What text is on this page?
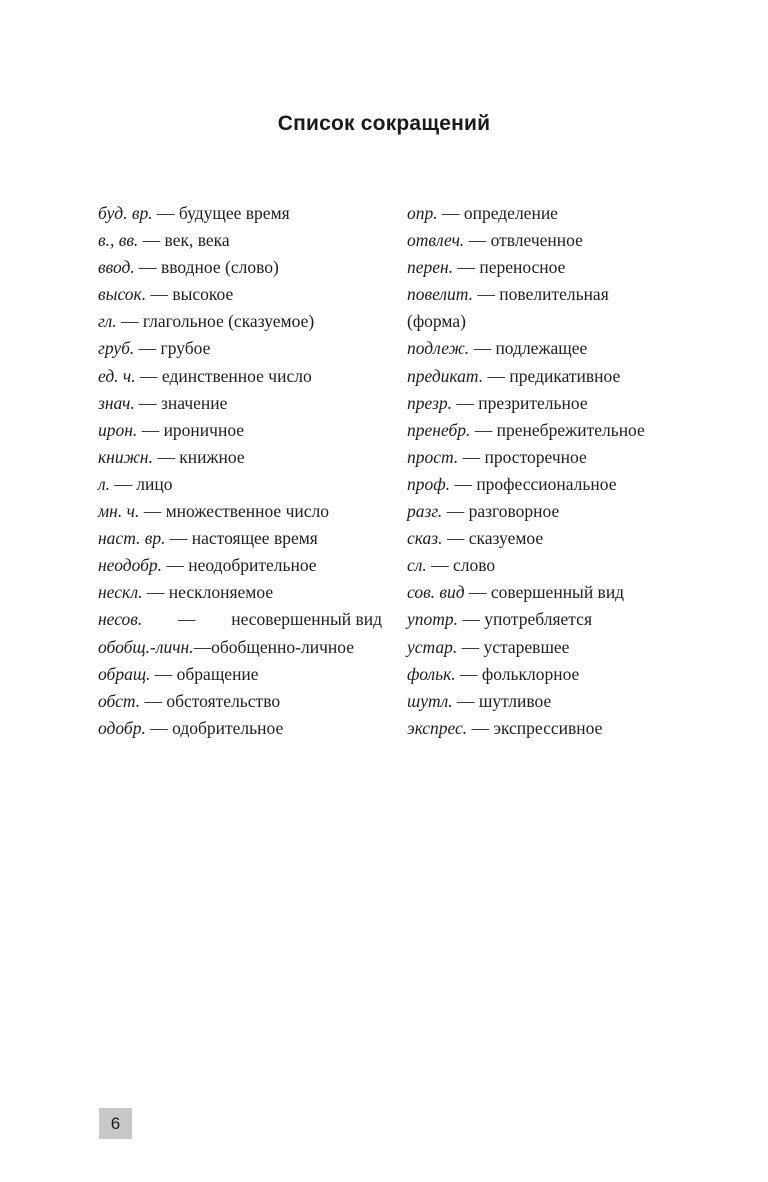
Список сокращений
буд. вр. — будущее время
в., вв. — век, века
ввод. — вводное (слово)
высок. — высокое
гл. — глагольное (сказуемое)
груб. — грубое
ед. ч. — единственное число
знач. — значение
ирон. — ироничное
книжн. — книжное
л. — лицо
мн. ч. — множественное число
наст. вр. — настоящее время
неодобр. — неодобрительное
нескл. — несклоняемое
несов. — несовершенный вид
обобщ.-личн.—обобщенно-личное
обращ. — обращение
обст. — обстоятельство
одобр. — одобрительное
опр. — определение
отвлеч. — отвлеченное
перен. — переносное
повелит. — повелительная
(форма)
подлеж. — подлежащее
предикат. — предикативное
презр. — презрительное
пренебр. — пренебрежительное
прост. — просторечное
проф. — профессиональное
разг. — разговорное
сказ. — сказуемое
сл. — слово
сов. вид — совершенный вид
употр. — употребляется
устар. — устаревшее
фольк. — фольклорное
шутл. — шутливое
экспрес. — экспрессивное
6
